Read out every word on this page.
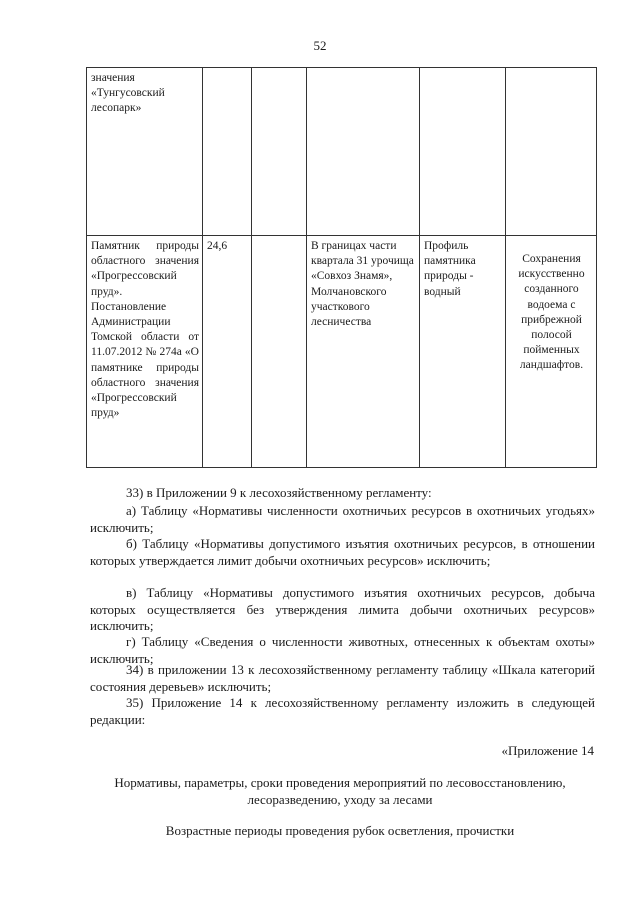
52
значения «Тунгусовский лесопарк»					
Памятник природы областного значения «Прогрессовский пруд». Постановление Администрации Томской области от 11.07.2012 № 274а «О памятнике природы областного значения «Прогрессовский пруд»	24,6		В границах части квартала 31 урочища «Совхоз Знамя», Молчановского участкового лесничества	Профиль памятника природы - водный	Сохранения искусственно созданного водоема с прибрежной полосой пойменных ландшафтов.
33) в Приложении 9 к лесохозяйственному регламенту:
а) Таблицу «Нормативы численности охотничьих ресурсов в охотничьих угодьях» исключить;
б) Таблицу «Нормативы допустимого изъятия охотничьих ресурсов, в отношении которых утверждается лимит добычи охотничьих ресурсов» исключить;
в) Таблицу «Нормативы допустимого изъятия охотничьих ресурсов, добыча которых осуществляется без утверждения лимита добычи охотничьих ресурсов» исключить;
г) Таблицу «Сведения о численности животных, отнесенных к объектам охоты» исключить;
34) в приложении 13 к лесохозяйственному регламенту таблицу «Шкала категорий состояния деревьев» исключить;
35) Приложение 14 к лесохозяйственному регламенту изложить в следующей редакции:
«Приложение 14
Нормативы, параметры, сроки проведения мероприятий по лесовосстановлению,
лесоразведению, уходу за лесами
Возрастные периоды проведения рубок осветления, прочистки
